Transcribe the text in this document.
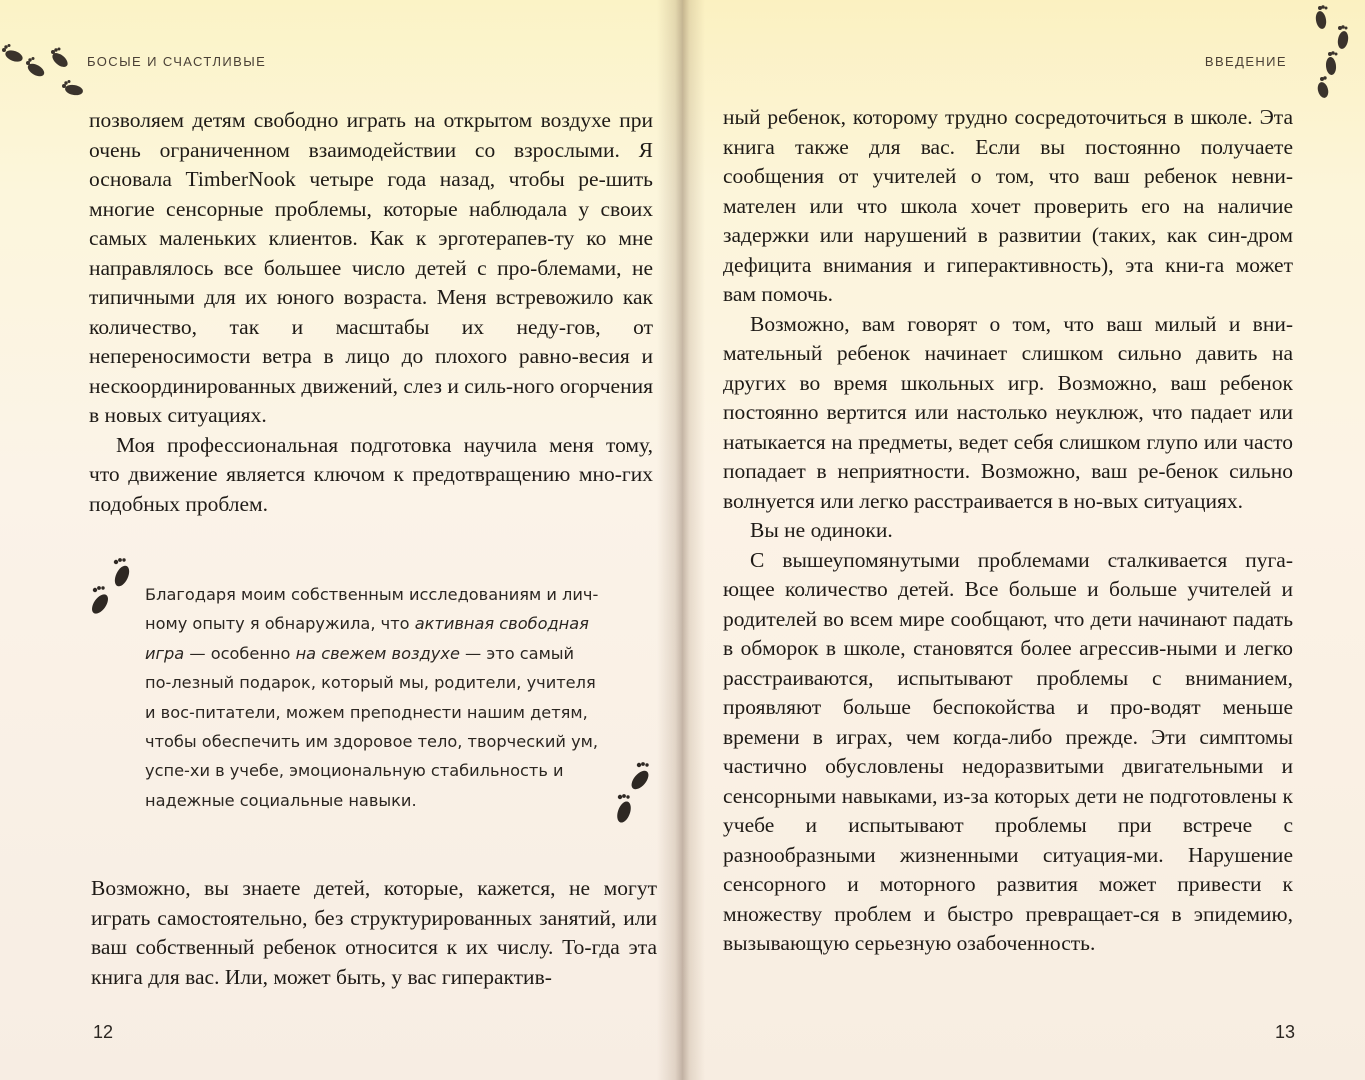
БОСЫЕ И СЧАСТЛИВЫЕ

позволяем детям свободно играть на открытом воздухе при очень ограниченном взаимодействии со взрослыми. Я основала TimberNook четыре года назад, чтобы ре-шить многие сенсорные проблемы, которые наблюдала у своих самых маленьких клиентов. Как к эрготерапев-ту ко мне направлялось все большее число детей с про-блемами, не типичными для их юного возраста. Меня встревожило как количество, так и масштабы их неду-гов, от непереносимости ветра в лицо до плохого равно-весия и нескоординированных движений, слез и силь-ного огорчения в новых ситуациях.

Моя профессиональная подготовка научила меня тому, что движение является ключом к предотвращению мно-гих подобных проблем.

Благодаря моим собственным исследованиям и лич-ному опыту я обнаружила, что активная свободная игра — особенно на свежем воздухе — это самый по-лезный подарок, который мы, родители, учителя и вос-питатели, можем преподнести нашим детям, чтобы обеспечить им здоровое тело, творческий ум, успе-хи в учебе, эмоциональную стабильность и надежные социальные навыки.

Возможно, вы знаете детей, которые, кажется, не могут играть самостоятельно, без структурированных занятий, или ваш собственный ребенок относится к их числу. То-гда эта книга для вас. Или, может быть, у вас гиперактив-

12
ВВЕДЕНИЕ

ный ребенок, которому трудно сосредоточиться в школе. Эта книга также для вас. Если вы постоянно получаете сообщения от учителей о том, что ваш ребенок невни-мателен или что школа хочет проверить его на наличие задержки или нарушений в развитии (таких, как син-дром дефицита внимания и гиперактивность), эта кни-га может вам помочь.

Возможно, вам говорят о том, что ваш милый и вни-мательный ребенок начинает слишком сильно давить на других во время школьных игр. Возможно, ваш ребенок постоянно вертится или настолько неуклюж, что падает или натыкается на предметы, ведет себя слишком глупо или часто попадает в неприятности. Возможно, ваш ре-бенок сильно волнуется или легко расстраивается в но-вых ситуациях.

Вы не одиноки.

С вышеупомянутыми проблемами сталкивается пуга-ющее количество детей. Все больше и больше учителей и родителей во всем мире сообщают, что дети начинают падать в обморок в школе, становятся более агрессив-ными и легко расстраиваются, испытывают проблемы с вниманием, проявляют больше беспокойства и про-водят меньше времени в играх, чем когда-либо прежде. Эти симптомы частично обусловлены недоразвитыми двигательными и сенсорными навыками, из-за которых дети не подготовлены к учебе и испытывают проблемы при встрече с разнообразными жизненными ситуация-ми. Нарушение сенсорного и моторного развития может привести к множеству проблем и быстро превращает-ся в эпидемию, вызывающую серьезную озабоченность.

13
